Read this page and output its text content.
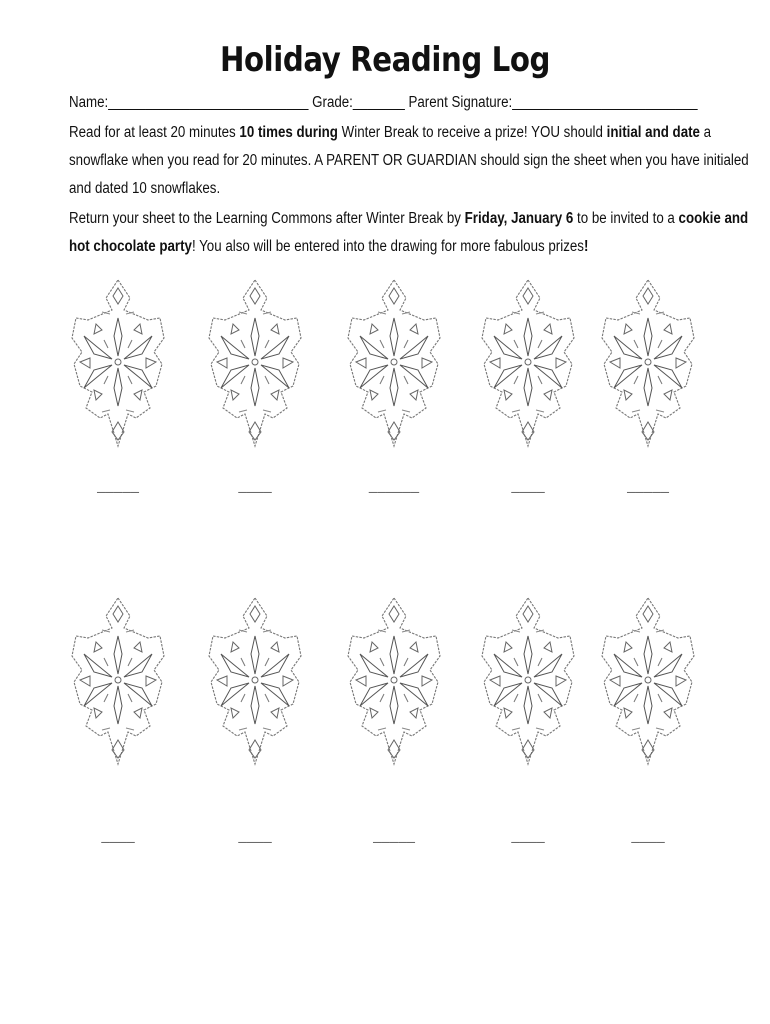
Holiday Reading Log
Name:___________________________ Grade:_______ Parent Signature:_________________________
Read for at least 20 minutes 10 times during Winter Break to receive a prize! YOU should initial and date a
snowflake when you read for 20 minutes. A PARENT OR GUARDIAN should sign the sheet when you have initialed
and dated 10 snowflakes.
Return your sheet to the Learning Commons after Winter Break by Friday, January 6 to be invited to a cookie and
hot chocolate party! You also will be entered into the drawing for more fabulous prizes!
_____	____	______	____	_____
____	____	_____	____	____
